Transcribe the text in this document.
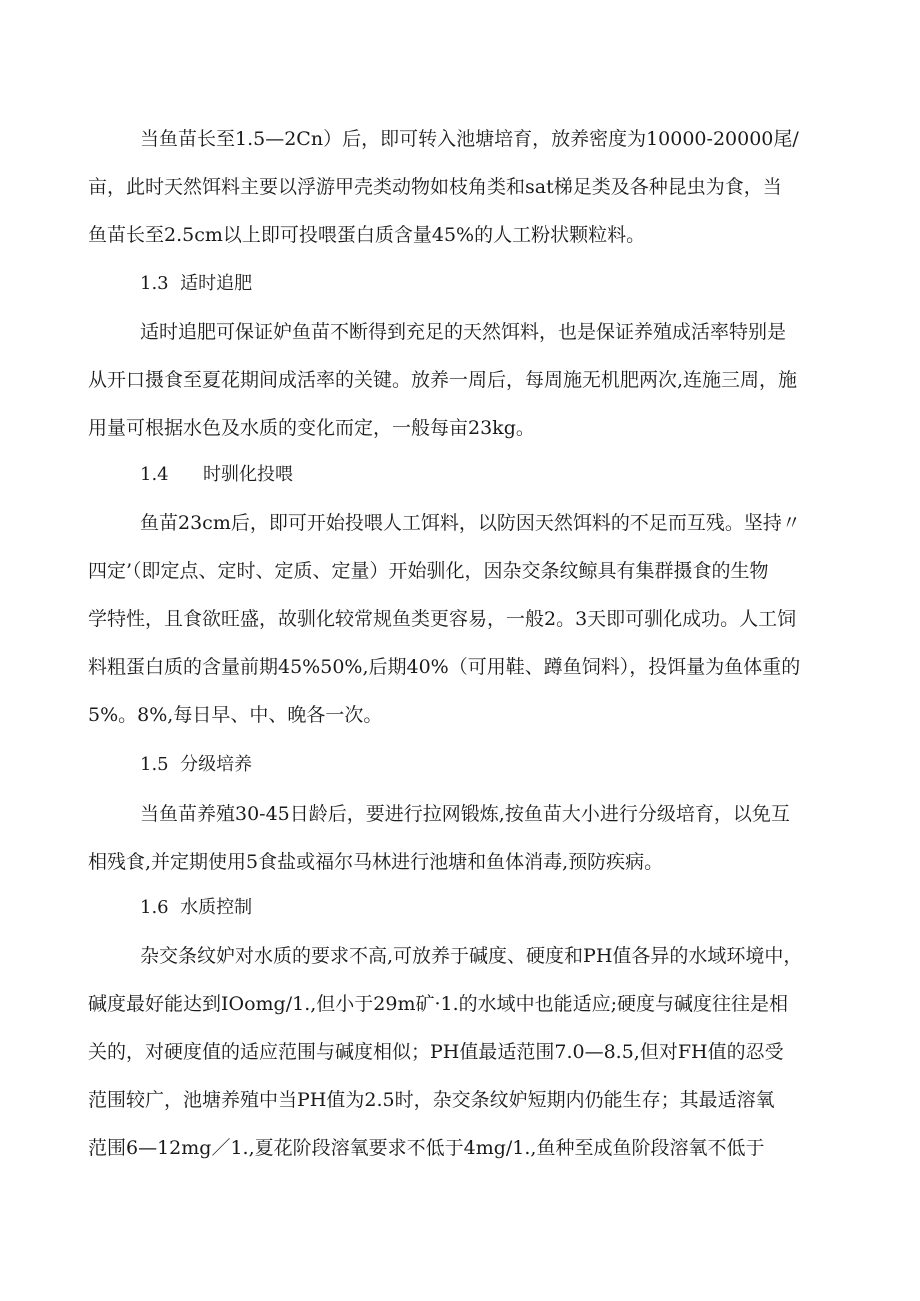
当鱼苗长至1.5—2Cn）后，即可转入池塘培育，放养密度为10000-20000尾/
亩，此时天然饵料主要以浮游甲壳类动物如枝角类和sat梯足类及各种昆虫为食，当
鱼苗长至2.5cm以上即可投喂蛋白质含量45%的人工粉状颗粒料。
1.3  适时追肥
适时追肥可保证妒鱼苗不断得到充足的天然饵料，也是保证养殖成活率特别是
从开口摄食至夏花期间成活率的关键。放养一周后，每周施无机肥两次,连施三周，施
用量可根据水色及水质的变化而定，一般每亩23kg。
1.4      时驯化投喂
鱼苗23cm后，即可开始投喂人工饵料，以防因天然饵料的不足而互残。坚持〃
四定’（即定点、定时、定质、定量）开始驯化，因杂交条纹鲸具有集群摄食的生物
学特性，且食欲旺盛，故驯化较常规鱼类更容易，一般2。3天即可驯化成功。人工饲
料粗蛋白质的含量前期45%50%,后期40%（可用鞋、蹲鱼饲料），投饵量为鱼体重的
5%。8%,每日早、中、晚各一次。
1.5  分级培养
当鱼苗养殖30-45日龄后，要进行拉网锻炼,按鱼苗大小进行分级培育，以免互
相残食,并定期使用5食盐或福尔马林进行池塘和鱼体消毒,预防疾病。
1.6  水质控制
杂交条纹妒对水质的要求不高,可放养于碱度、硬度和PH值各异的水域环境中，
碱度最好能达到IOomg/1.,但小于29m矿·1.的水域中也能适应;硬度与碱度往往是相
关的，对硬度值的适应范围与碱度相似；PH值最适范围7.0—8.5,但对FH值的忍受
范围较广，池塘养殖中当PH值为2.5时，杂交条纹妒短期内仍能生存；其最适溶氧
范围6—12mg／1.,夏花阶段溶氧要求不低于4mg/1.,鱼种至成鱼阶段溶氧不低于
